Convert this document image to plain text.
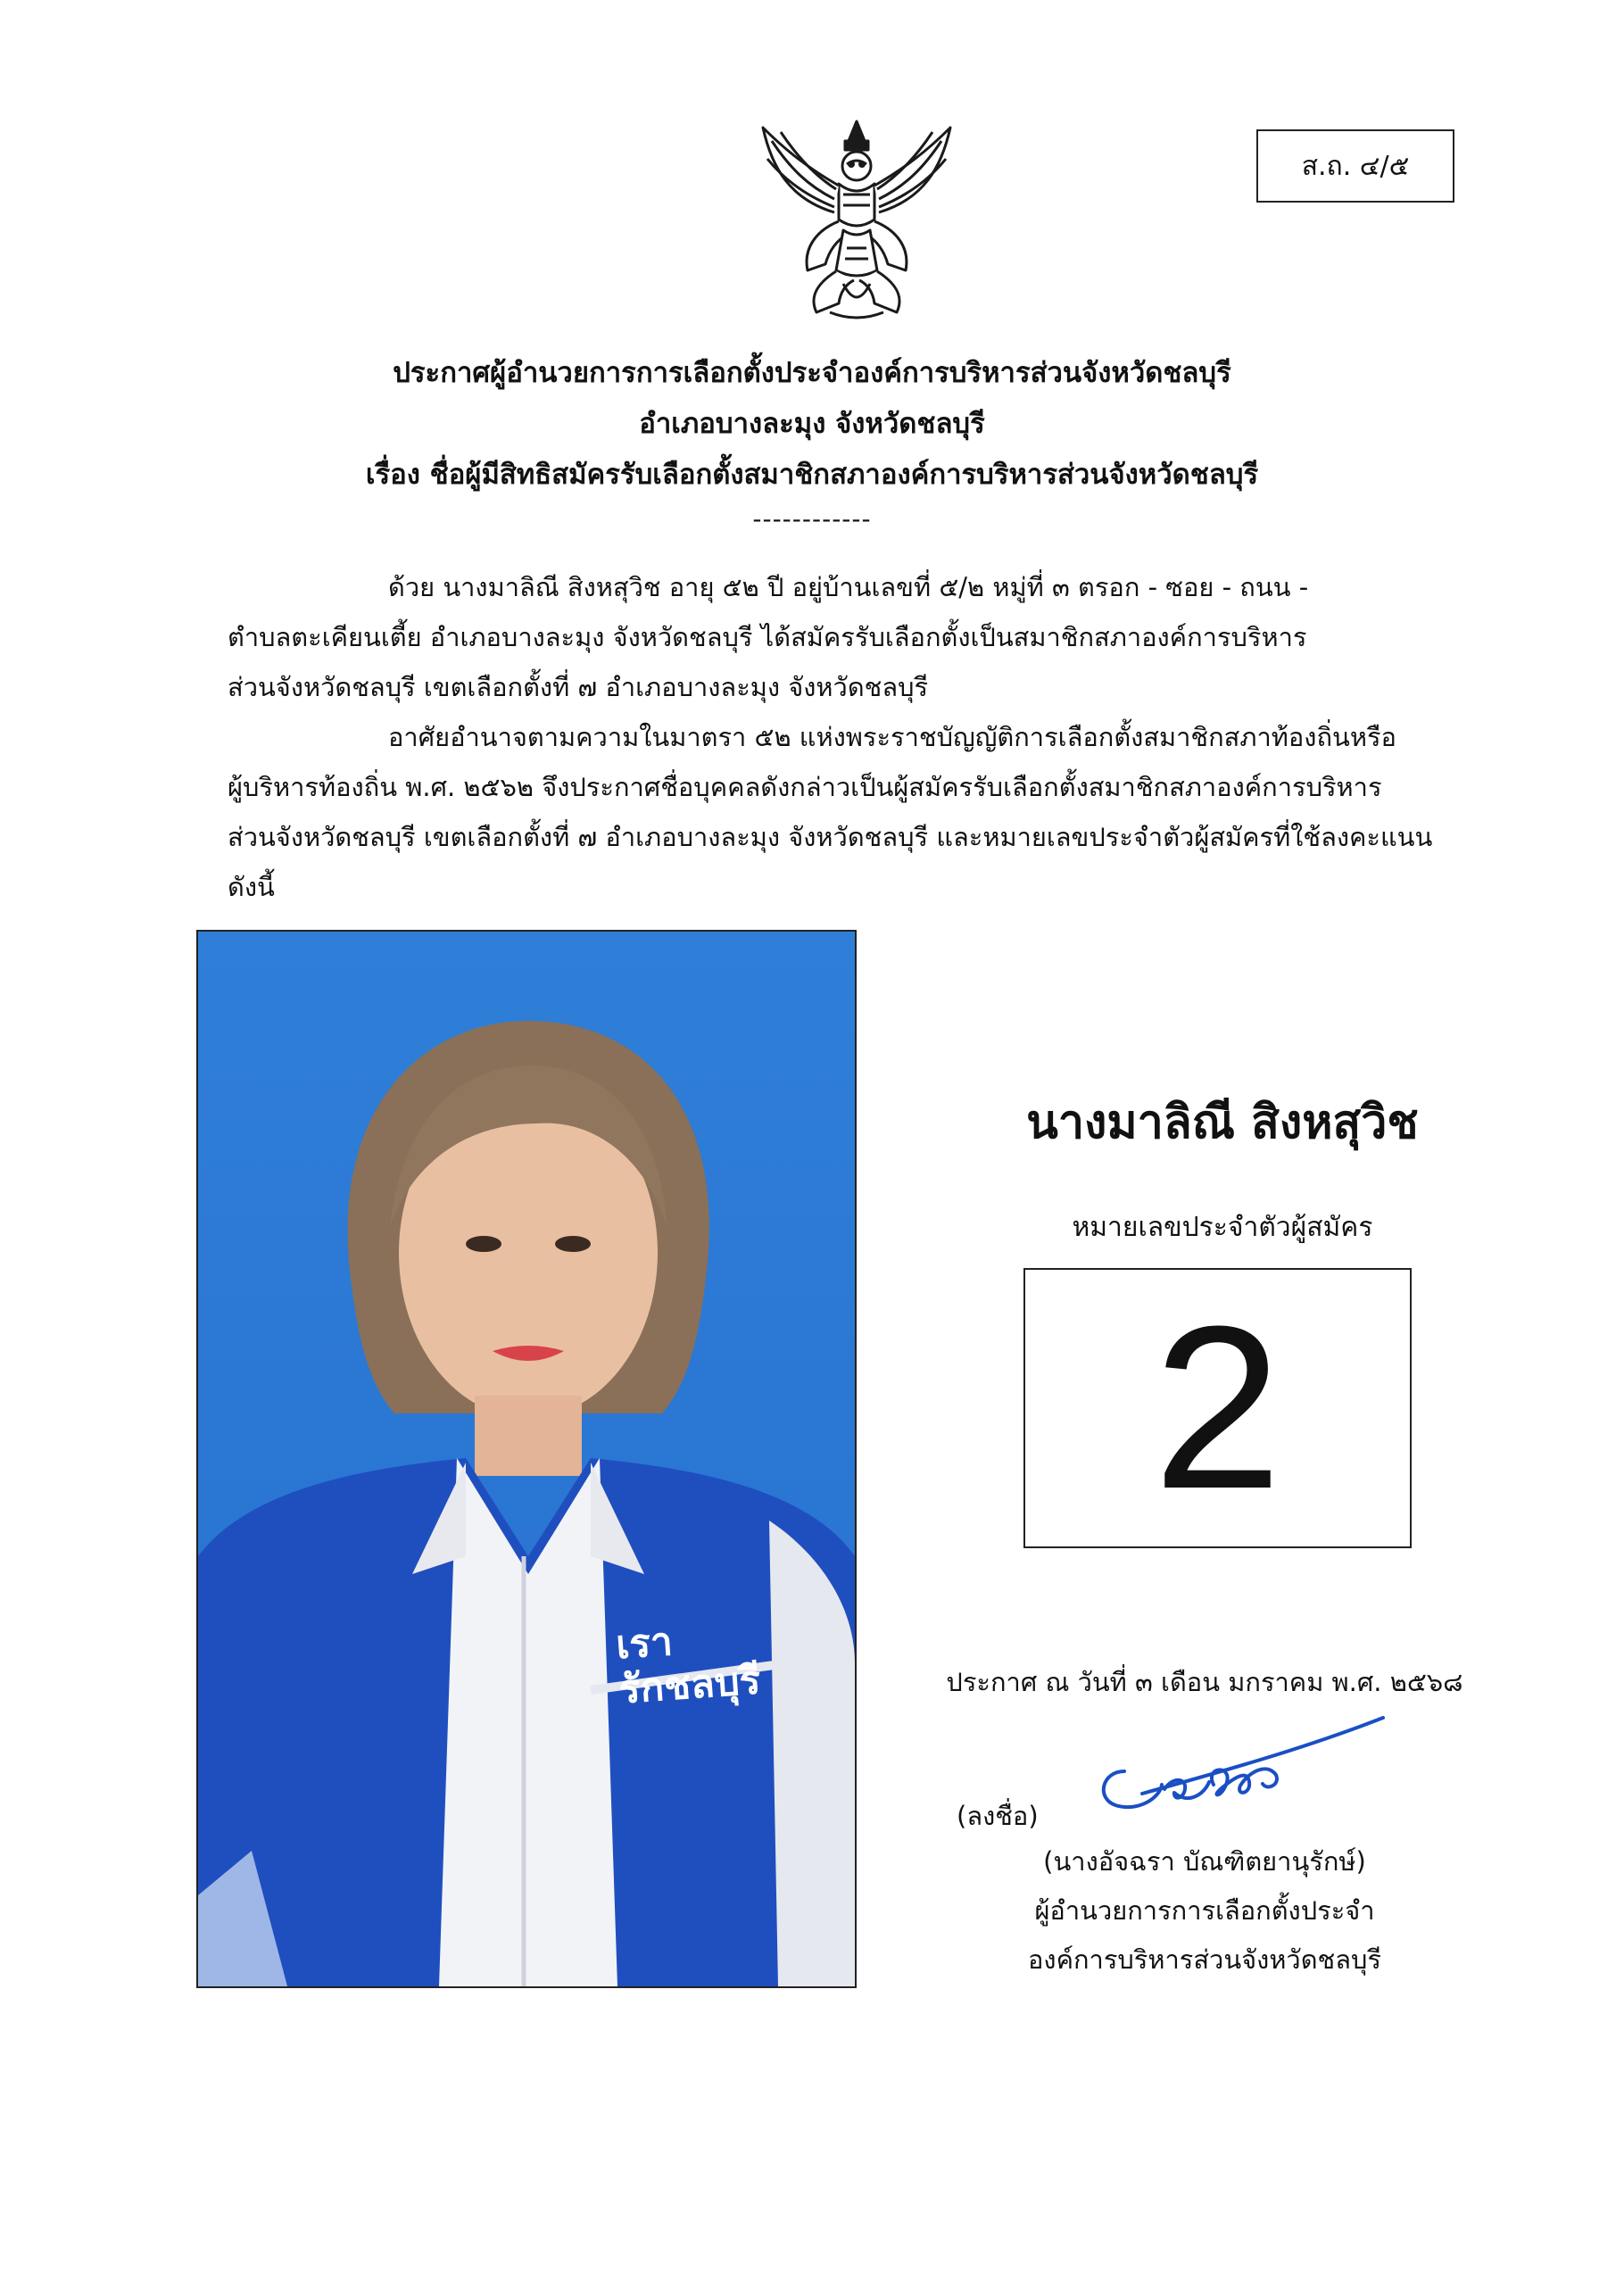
ส.ถ. ๔/๕
ประกาศผู้อำนวยการการเลือกตั้งประจำองค์การบริหารส่วนจังหวัดชลบุรี
อำเภอบางละมุง จังหวัดชลบุรี
เรื่อง ชื่อผู้มีสิทธิสมัครรับเลือกตั้งสมาชิกสภาองค์การบริหารส่วนจังหวัดชลบุรี
------------
ด้วย นางมาลิณี สิงหสุวิช อายุ ๕๒ ปี อยู่บ้านเลขที่ ๕/๒ หมู่ที่ ๓ ตรอก - ซอย - ถนน -
ตำบลตะเคียนเตี้ย อำเภอบางละมุง จังหวัดชลบุรี ได้สมัครรับเลือกตั้งเป็นสมาชิกสภาองค์การบริหาร
ส่วนจังหวัดชลบุรี เขตเลือกตั้งที่ ๗ อำเภอบางละมุง จังหวัดชลบุรี
อาศัยอำนาจตามความในมาตรา ๕๒ แห่งพระราชบัญญัติการเลือกตั้งสมาชิกสภาท้องถิ่นหรือ
ผู้บริหารท้องถิ่น พ.ศ. ๒๕๖๒ จึงประกาศชื่อบุคคลดังกล่าวเป็นผู้สมัครรับเลือกตั้งสมาชิกสภาองค์การบริหาร
ส่วนจังหวัดชลบุรี เขตเลือกตั้งที่ ๗ อำเภอบางละมุง จังหวัดชลบุรี และหมายเลขประจำตัวผู้สมัครที่ใช้ลงคะแนน
ดังนี้
เรา
รักชลบุรี
นางมาลิณี สิงหสุวิช
หมายเลขประจำตัวผู้สมัคร
2
ประกาศ ณ วันที่ ๓ เดือน มกราคม พ.ศ. ๒๕๖๘
(ลงชื่อ)
(นางอัจฉรา บัณฑิตยานุรักษ์)
ผู้อำนวยการการเลือกตั้งประจำ
องค์การบริหารส่วนจังหวัดชลบุรี
